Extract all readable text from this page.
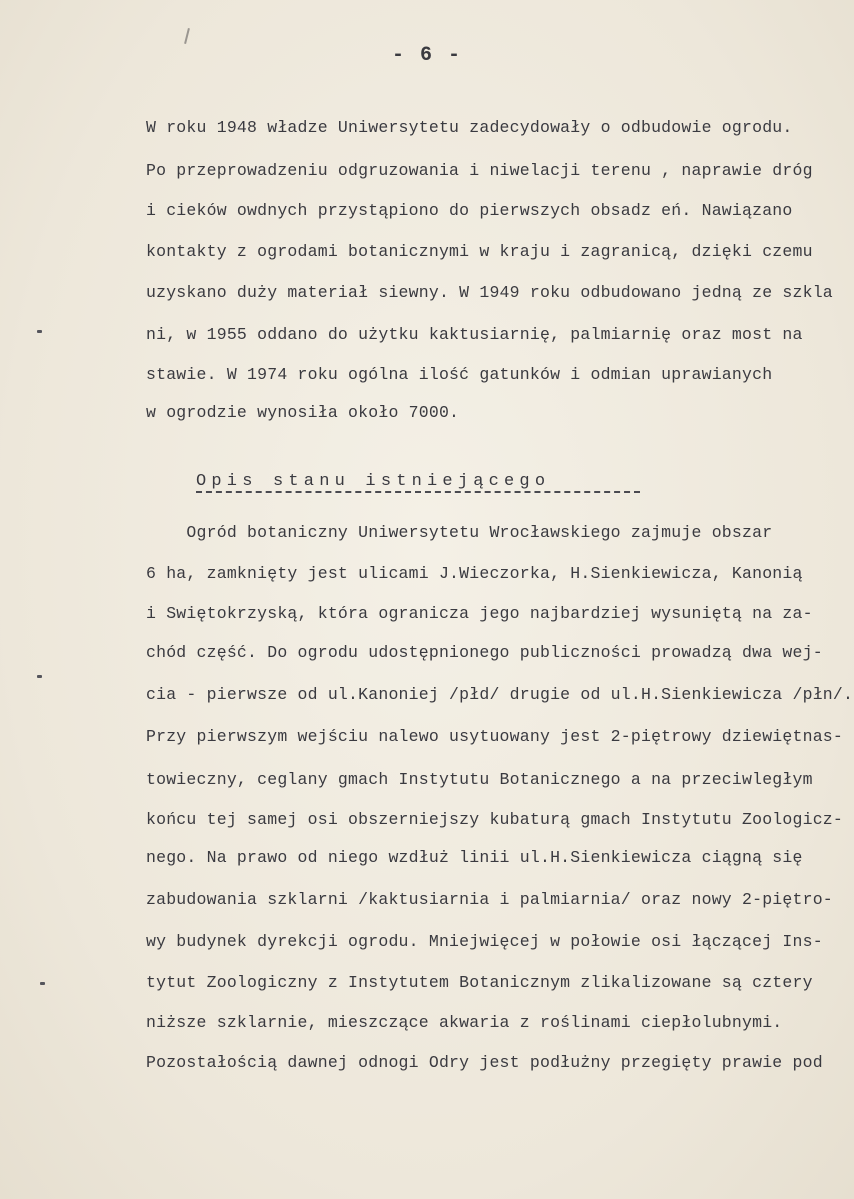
- 6 -
W roku 1948 władze Uniwersytetu zadecydowały o odbudowie ogrodu.
Po przeprowadzeniu odgruzowania i niwelacji terenu , naprawie dróg
i cieków owdnych przystąpiono do pierwszych obsadz eń. Nawiązano
kontakty z ogrodami botanicznymi w kraju i zagranicą, dzięki czemu
uzyskano duży materiał siewny. W 1949 roku odbudowano jedną ze szkla
ni, w 1955 oddano do użytku kaktusiarnię, palmiarnię oraz most na
stawie. W 1974 roku ogólna ilość gatunków i odmian uprawianych
w ogrodzie wynosiła około 7000.
Opis stanu istniejącego
Ogród botaniczny Uniwersytetu Wrocławskiego zajmuje obszar
6 ha, zamknięty jest ulicami J.Wieczorka, H.Sienkiewicza, Kanonią
i Swiętokrzyską, która ogranicza jego najbardziej wysuniętą na za-
chód część. Do ogrodu udostępnionego publiczności prowadzą dwa wej-
cia - pierwsze od ul.Kanoniej /płd/ drugie od ul.H.Sienkiewicza /płn/.
Przy pierwszym wejściu nalewo usytuowany jest 2-piętrowy dziewiętnas-
towieczny, ceglany gmach Instytutu Botanicznego a na przeciwległym
końcu tej samej osi obszerniejszy kubaturą gmach Instytutu Zoologicz-
nego. Na prawo od niego wzdłuż linii ul.H.Sienkiewicza ciągną się
zabudowania szklarni /kaktusiarnia i palmiarnia/ oraz nowy 2-piętro-
wy budynek dyrekcji ogrodu. Mniejwięcej w połowie osi łączącej Ins-
tytut Zoologiczny z Instytutem Botanicznym zlikalizowane są cztery
niższe szklarnie, mieszczące akwaria z roślinami ciepłolubnymi.
Pozostałością dawnej odnogi Odry jest podłużny przegięty prawie pod
